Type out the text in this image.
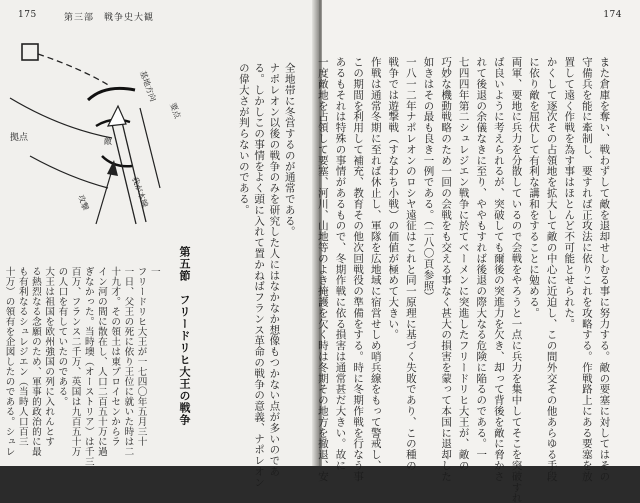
175	第三部　戦争史大観
拠点
基地方向
要点
攻撃
敵
我が本線	全地帯に冬営するのが通常である。
ナポレオン以後の戦争のみを研究した人にはなかなか想像もつかない点が多いのであ
る。しかしこの事情をよく頭に入れて置かねばフランス革命の戦争の意義、ナポレオン
の偉大さが判らないのである。

第五節　フリードリヒ大王の戦争

一
フリードリヒ大王が一七四〇年五月三十
一日、父王の死に依り王位に就いた時は二
十九才。その領土は東プロイセンからラ
イン河の間に散在し、人口二百五十万に過
ぎなかった。当時墺（オーストリア）は千三
百万、フランス二千万、英国は九百五十万
の人口を有していたのである。
大王は祖国を欧州強国の列に入れんとす
る熱烈なる念願のため、軍事的政治的に最
も有利なるシュレジエン（当時人口百三
十万）の領有を企図したのである。シュレ

174

また倉庫を奪い、戦わずして敵を退却せしむる事に努力する。敵の要塞に対してはその
守備兵を能に牽制し、要すれば正攻法に依りこれを攻略する。作戦路上にある要塞を放
置して遠く作戦を為す事はほとんど不可能とせられた。
かくして逐次その占領地を拡大して敵の中心に近迫し、この間外交その他あらゆる手段
に依り敵を屈伏して有利な講和をすることに勉める。
両軍、要地に兵力を分散しているので会戦をやろうと一点に兵力を集中してそこを突破すれ
ば良いように考えられるが、突破しても爾後の突進力を欠き、却って背後を敵に脅かさ
れて後退の余儀なきに至り、ややもすれば後退の際大なる危険に陥るのである。一
七四四年第二シュレジエン戦争に於てベーメンに突進したフリードリヒ大王が、敵の
巧妙な機動戦略のため一回の会戦をも交える事なく甚大の損害を蒙って本国に退却した
如きはその最も良き一例である。（二八〇頁参照）
一八一二年ナポレオンのロシヤ遠征はこれと同一原理に基づく失敗であり、この種の
戦争では遊撃戦（すなわち小戦）の価値が極めて大きい。
作戦は通常冬期に至れば休止し、軍隊を広地域に宿営せしめ哨兵線をもって警戒し、
この期間を利用して補充、教育その他次回戦役の準備をする。時に冬期作戦を行なう事
あるもそれは特殊の事情があるもので、冬期作戦に依る損害は通常甚だ大きい。故に
一度敵地を占領して要塞、河川、山地等のよき掩護を欠く時は冬期その地方を撤退、安
